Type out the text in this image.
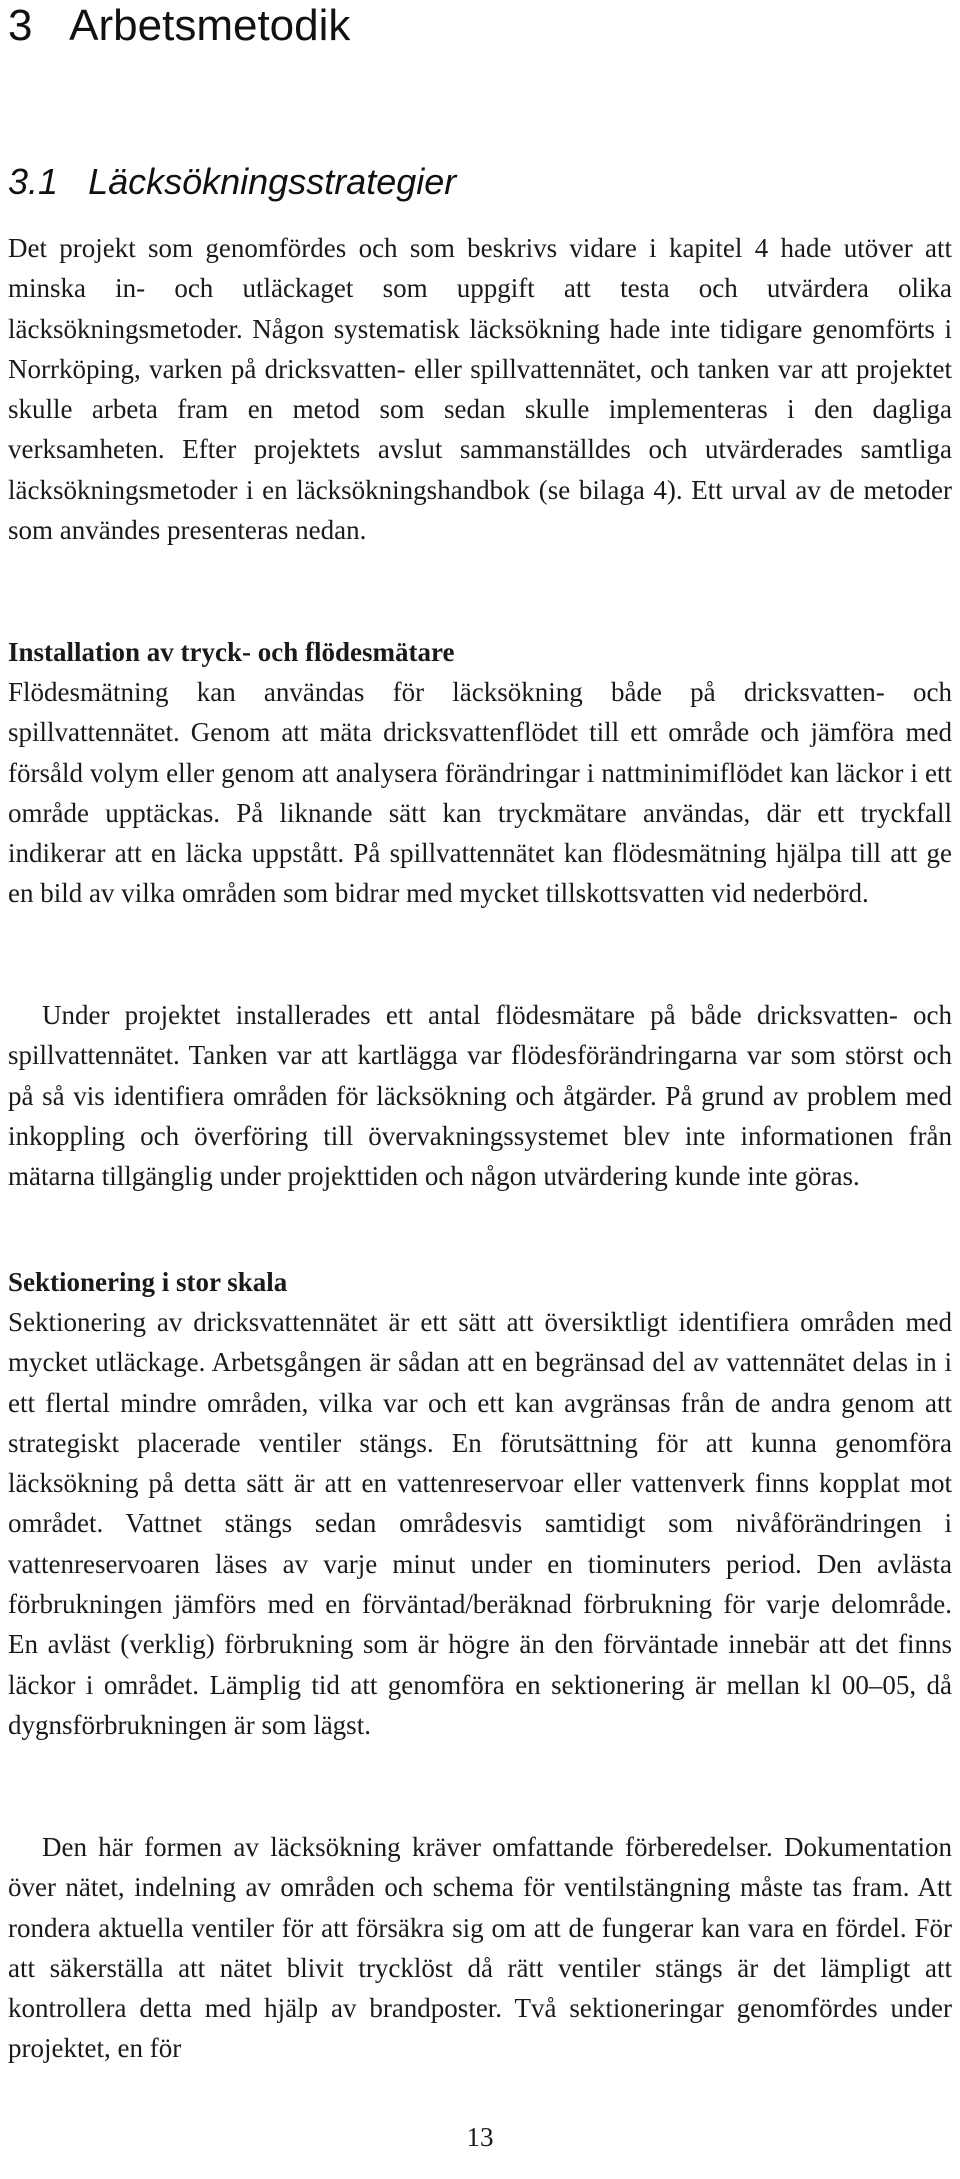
3 Arbetsmetodik
3.1 Läcksökningsstrategier

Det projekt som genomfördes och som beskrivs vidare i kapitel 4 hade utöver att minska in- och utläckaget som uppgift att testa och utvärdera olika läcksökningsmetoder. Någon systematisk läcksökning hade inte tidigare genomförts i Norrköping, varken på dricksvatten- eller spillvattennätet, och tanken var att projektet skulle arbeta fram en metod som sedan skulle implementeras i den dagliga verksamheten. Efter projektets avslut sammanställdes och utvärderades samtliga läcksökningsmetoder i en läcksökningshandbok (se bilaga 4). Ett urval av de metoder som användes presenteras nedan.

Installation av tryck- och flödesmätare

Flödesmätning kan användas för läcksökning både på dricksvatten- och spillvattennätet. Genom att mäta dricksvattenflödet till ett område och jämföra med försåld volym eller genom att analysera förändringar i nattminimiflödet kan läckor i ett område upptäckas. På liknande sätt kan tryckmätare användas, där ett tryckfall indikerar att en läcka uppstått. På spillvattennätet kan flödesmätning hjälpa till att ge en bild av vilka områden som bidrar med mycket tillskottsvatten vid nederbörd.

Under projektet installerades ett antal flödesmätare på både dricksvatten- och spillvattennätet. Tanken var att kartlägga var flödesförändringarna var som störst och på så vis identifiera områden för läcksökning och åtgärder. På grund av problem med inkoppling och överföring till övervakningssystemet blev inte informationen från mätarna tillgänglig under projekttiden och någon utvärdering kunde inte göras.

Sektionering i stor skala

Sektionering av dricksvattennätet är ett sätt att översiktligt identifiera områden med mycket utläckage. Arbetsgången är sådan att en begränsad del av vattennätet delas in i ett flertal mindre områden, vilka var och ett kan avgränsas från de andra genom att strategiskt placerade ventiler stängs. En förutsättning för att kunna genomföra läcksökning på detta sätt är att en vattenreservoar eller vattenverk finns kopplat mot området. Vattnet stängs sedan områdesvis samtidigt som nivåförändringen i vattenreservoaren läses av varje minut under en tiominuters period. Den avlästa förbrukningen jämförs med en förväntad/beräknad förbrukning för varje delområde. En avläst (verklig) förbrukning som är högre än den förväntade innebär att det finns läckor i området. Lämplig tid att genomföra en sektionering är mellan kl 00–05, då dygnsförbrukningen är som lägst.

Den här formen av läcksökning kräver omfattande förberedelser. Dokumentation över nätet, indelning av områden och schema för ventilstängning måste tas fram. Att rondera aktuella ventiler för att försäkra sig om att de fungerar kan vara en fördel. För att säkerställa att nätet blivit trycklöst då rätt ventiler stängs är det lämpligt att kontrollera detta med hjälp av brandposter. Två sektioneringar genomfördes under projektet, en för

13
